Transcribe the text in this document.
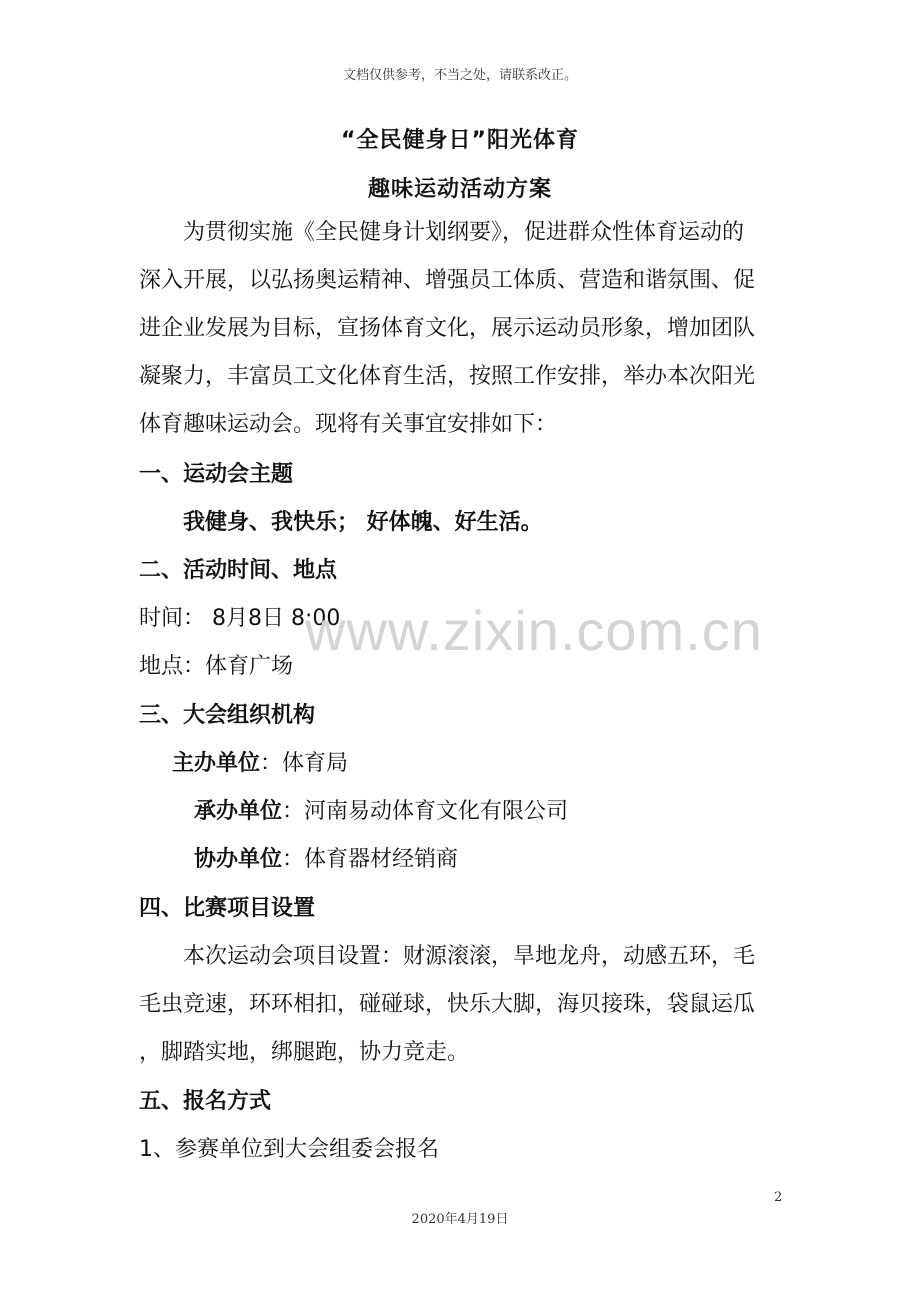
文档仅供参考，不当之处，请联系改正。
“全民健身日”阳光体育
趣味运动活动方案
为贯彻实施《全民健身计划纲要》，促进群众性体育运动的
深入开展，以弘扬奥运精神、增强员工体质、营造和谐氛围、促
进企业发展为目标，宣扬体育文化，展示运动员形象，增加团队
凝聚力，丰富员工文化体育生活，按照工作安排，举办本次阳光
体育趣味运动会。现将有关事宜安排如下：
一、运动会主题
我健身、我快乐； 好体魄、好生活。
二、活动时间、地点
时间： 8月8日 8:00
地点：体育广场
三、大会组织机构
主办单位：体育局
承办单位：河南易动体育文化有限公司
协办单位：体育器材经销商
四、比赛项目设置
本次运动会项目设置：财源滚滚，旱地龙舟，动感五环，毛
毛虫竞速，环环相扣，碰碰球，快乐大脚，海贝接珠，袋鼠运瓜
，脚踏实地，绑腿跑，协力竞走。
五、报名方式
1、参赛单位到大会组委会报名
www.zixin.com.cn
2
2020年4月19日
